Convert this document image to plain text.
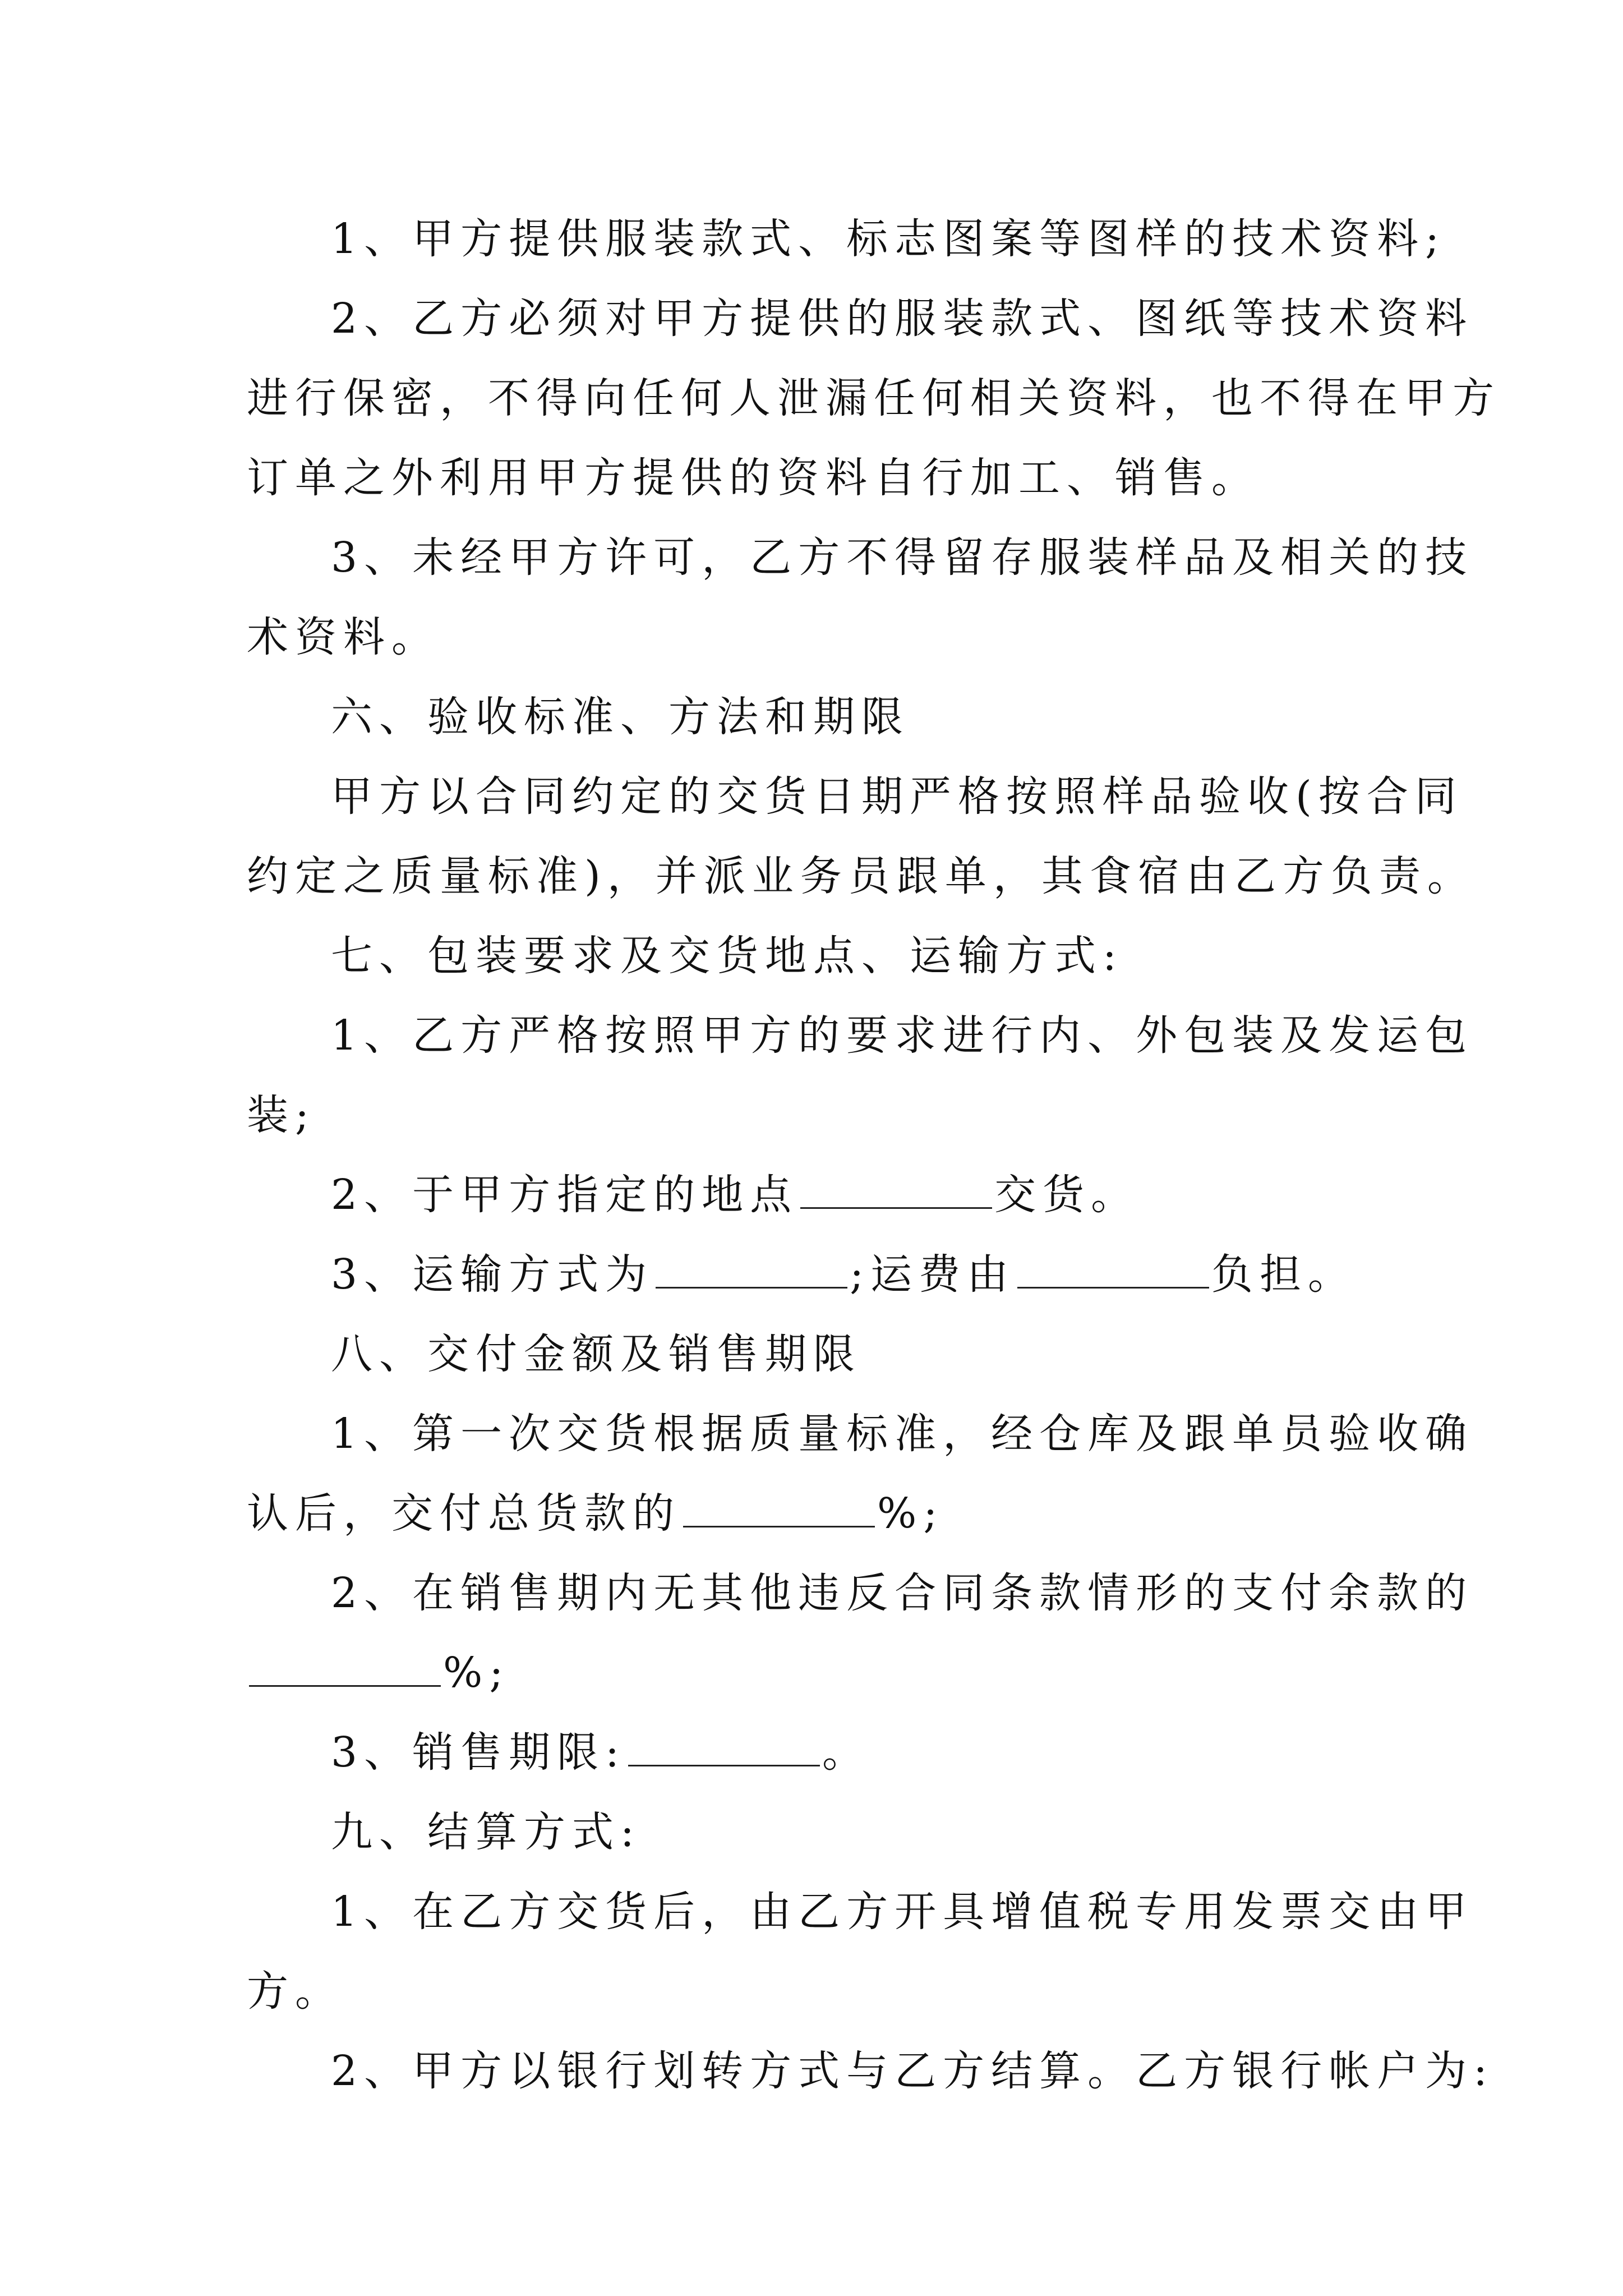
1、甲方提供服装款式、标志图案等图样的技术资料;

2、乙方必须对甲方提供的服装款式、图纸等技术资料

进行保密，不得向任何人泄漏任何相关资料，也不得在甲方

订单之外利用甲方提供的资料自行加工、销售。

3、未经甲方许可，乙方不得留存服装样品及相关的技

术资料。

六、验收标准、方法和期限

甲方以合同约定的交货日期严格按照样品验收(按合同

约定之质量标准)，并派业务员跟单，其食宿由乙方负责。

七、包装要求及交货地点、运输方式:

1、乙方严格按照甲方的要求进行内、外包装及发运包

装;

2、于甲方指定的地点	交货。

3、运输方式为	;运费由	负担。

八、交付金额及销售期限

1、第一次交货根据质量标准，经仓库及跟单员验收确

认后，交付总货款的	%;

2、在销售期内无其他违反合同条款情形的支付余款的

%;

3、销售期限:	。

九、结算方式:

1、在乙方交货后，由乙方开具增值税专用发票交由甲

方。

2、甲方以银行划转方式与乙方结算。乙方银行帐户为:
